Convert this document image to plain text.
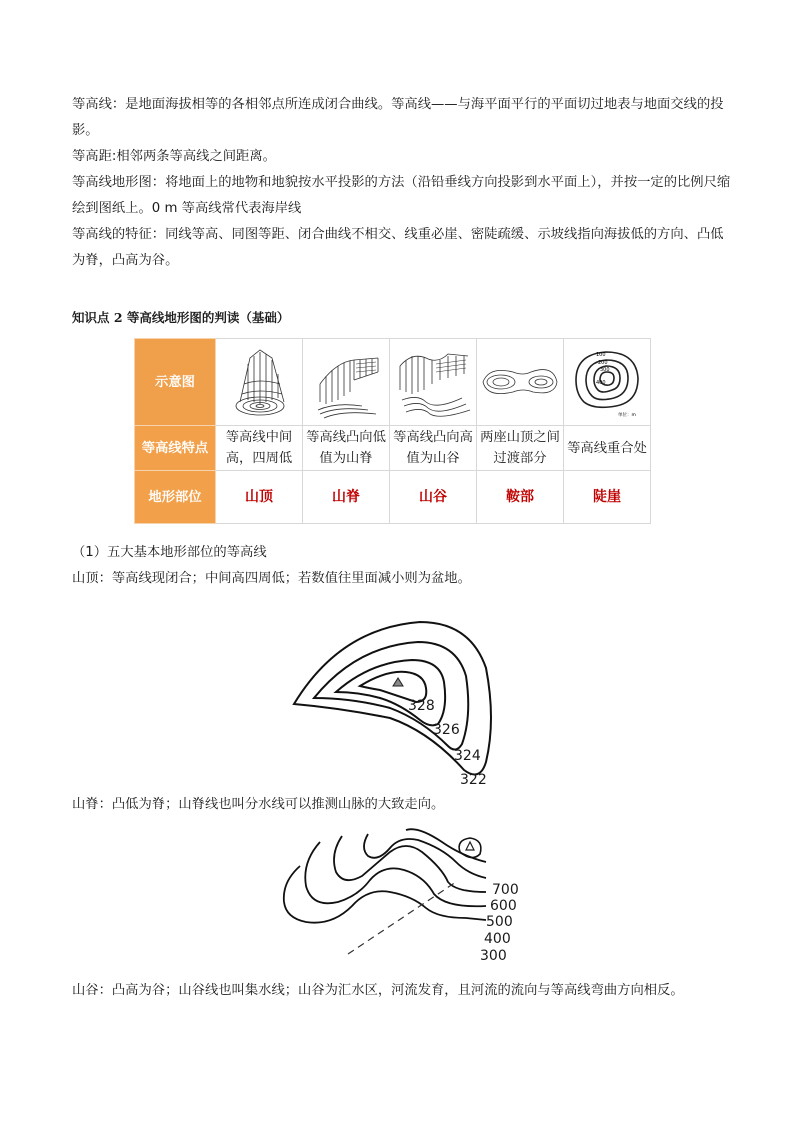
等高线：是地面海拔相等的各相邻点所连成闭合曲线。等高线——与海平面平行的平面切过地表与地面交线的投影。

等高距:相邻两条等高线之间距离。

等高线地形图：将地面上的地物和地貌按水平投影的方法（沿铅垂线方向投影到水平面上），并按一定的比例尺缩绘到图纸上。0 m 等高线常代表海岸线

等高线的特征：同线等高、同图等距、闭合曲线不相交、线重必崖、密陡疏缓、示坡线指向海拔低的方向、凸低为脊，凸高为谷。

知识点 2 等高线地形图的判读（基础）
示意图					100
200
300
400
单位：m

等高线特点	等高线中间高，四周低	等高线凸向低值为山脊	等高线凸向高值为山谷	两座山顶之间过渡部分	等高线重合处
地形部位	山顶	山脊	山谷	鞍部	陡崖

（1）五大基本地形部位的等高线

山顶：等高线现闭合；中间高四周低；若数值往里面减小则为盆地。

328
326
324
322

山脊：凸低为脊；山脊线也叫分水线可以推测山脉的大致走向。

700
600
500
400
300

山谷：凸高为谷；山谷线也叫集水线；山谷为汇水区，河流发育，且河流的流向与等高线弯曲方向相反。
